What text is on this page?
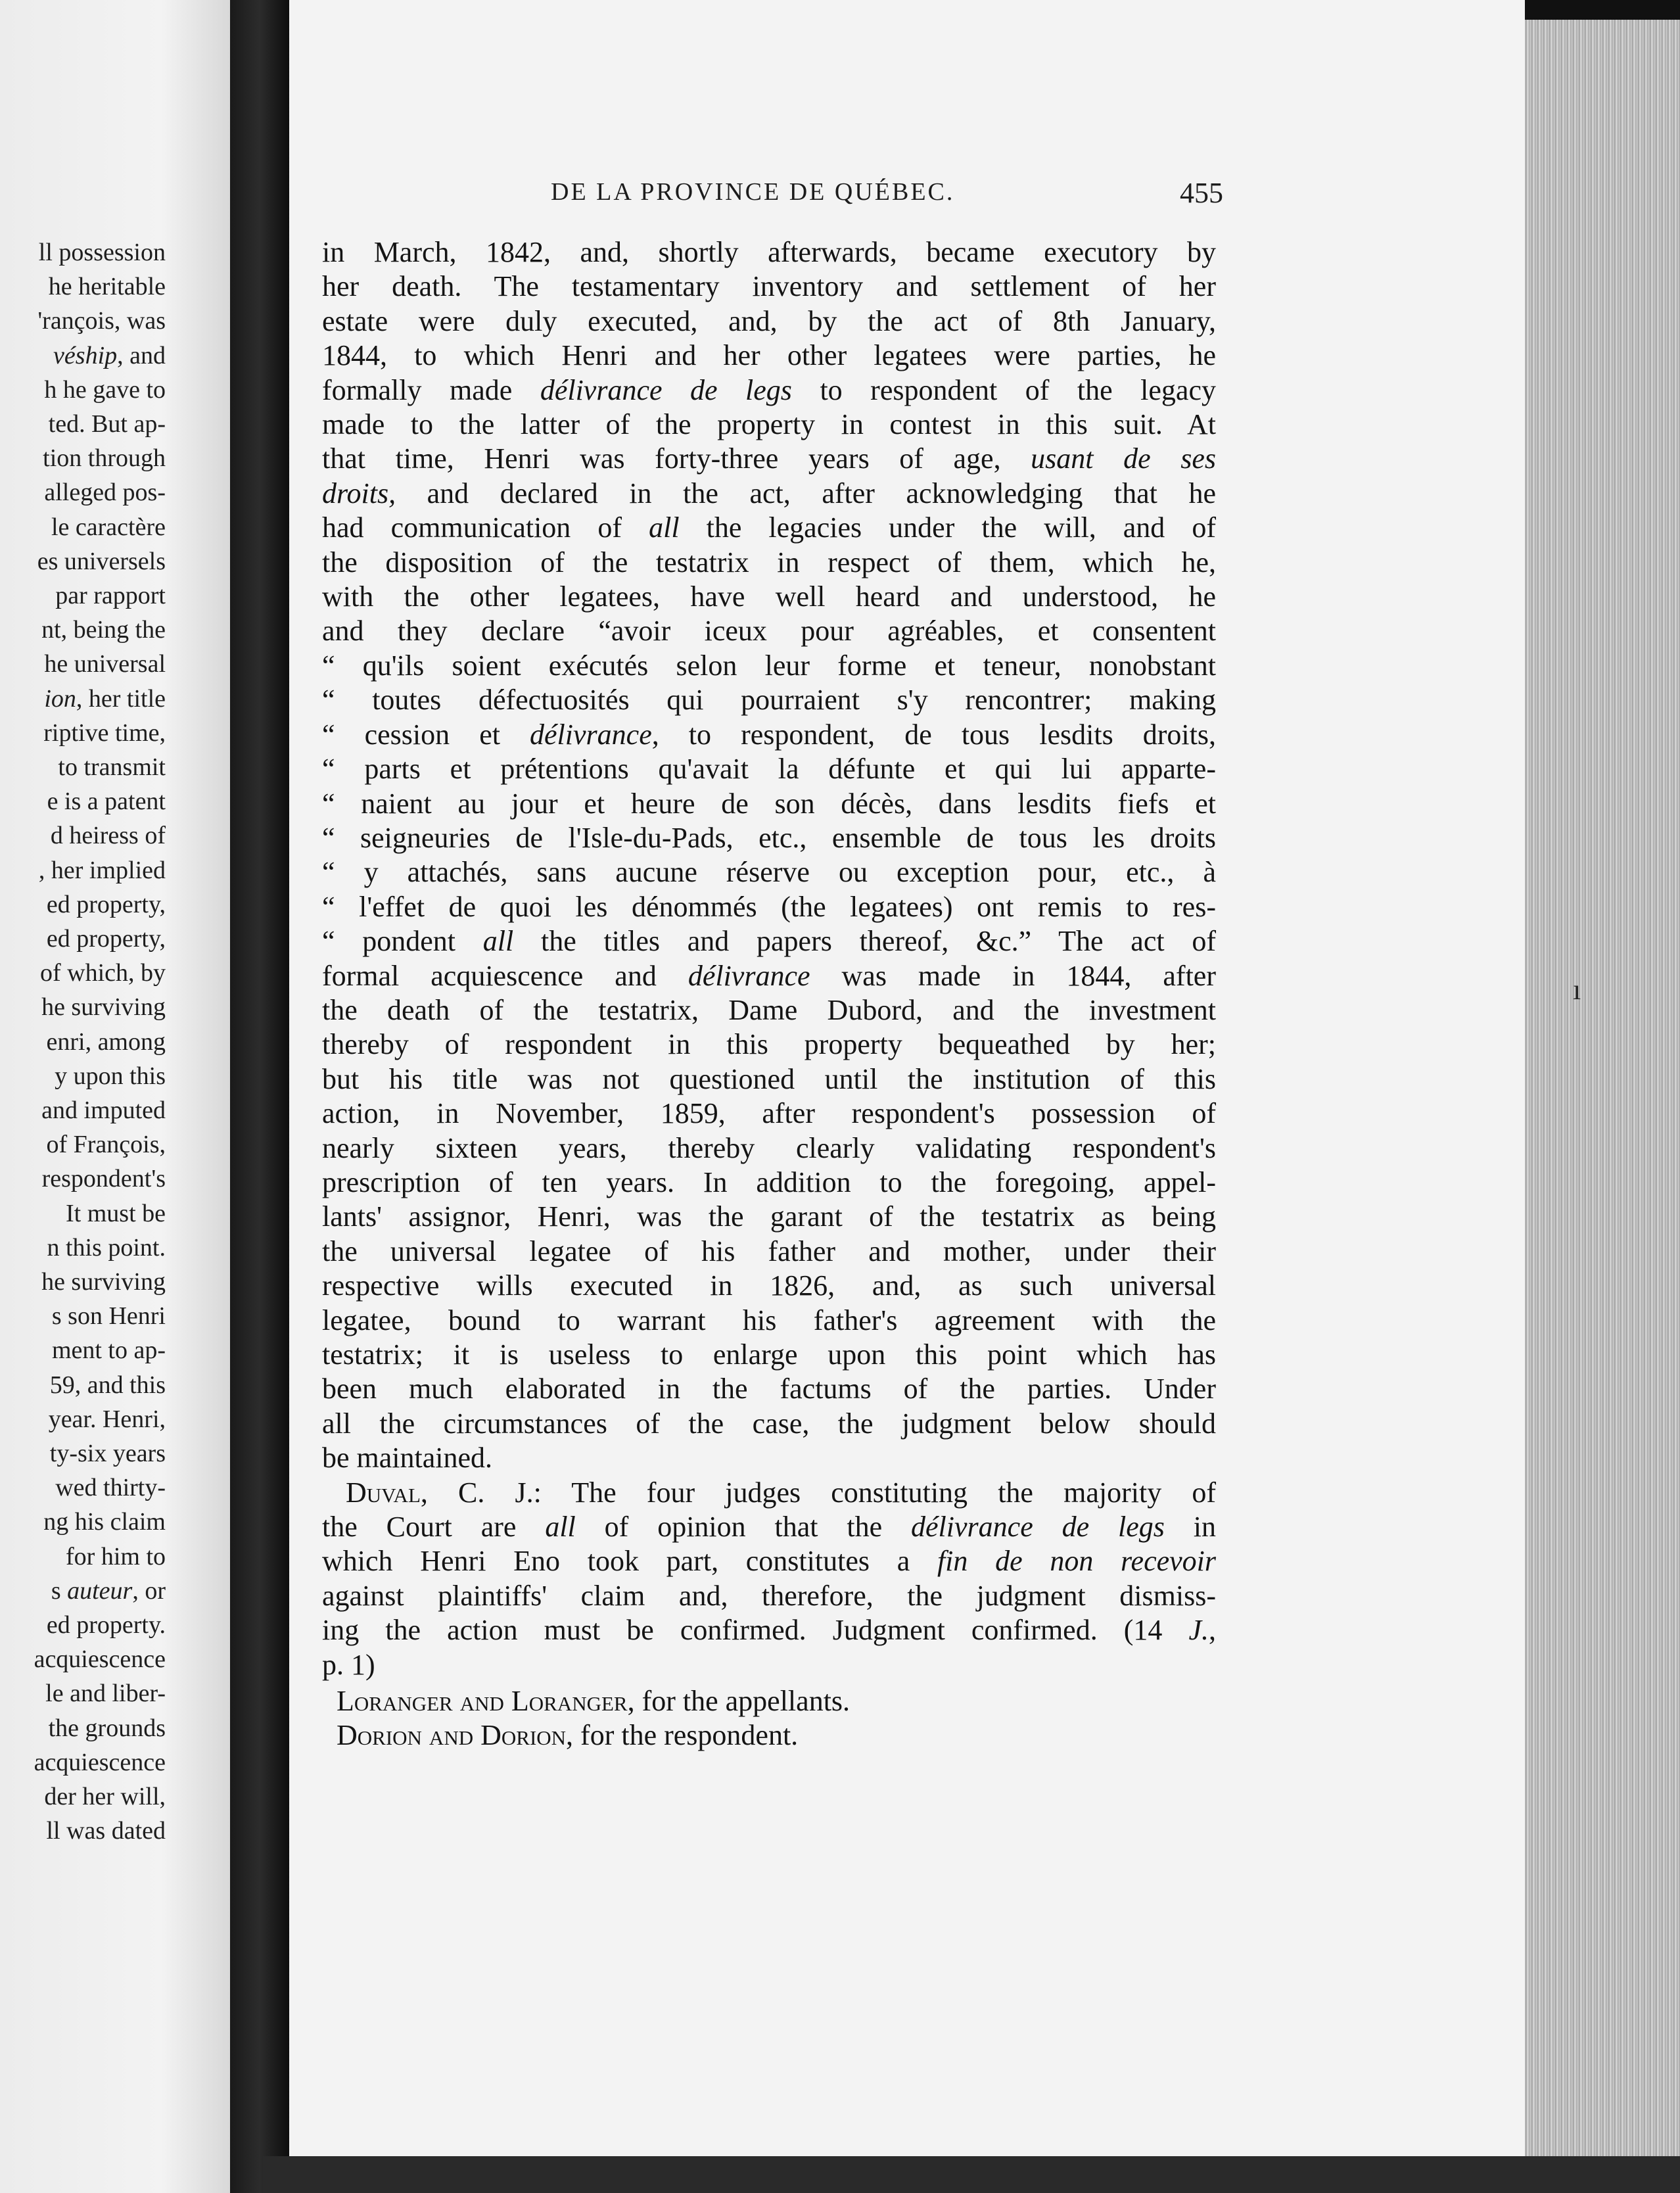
ll possession
he heritable
'rançois, was
véship, and
h he gave to
ted. But ap-
tion through
alleged pos-
le caractère
es universels
par rapport
nt, being the
he universal
ion, her title
riptive time,
to transmit
e is a patent
d heiress of
, her implied
ed property,
ed property,
of which, by
he surviving
enri, among
y upon this
and imputed
of François,
respondent's
It must be
n this point.
he surviving
s son Henri
ment to ap-
59, and this
year. Henri,
ty-six years
wed thirty-
ng his claim
for him to
s auteur, or
ed property.
acquiescence
le and liber-
the grounds
acquiescence
der her will,
ll was dated
DE LA PROVINCE DE QUÉBEC.	455
in March, 1842, and, shortly afterwards, became executory by
her death. The testamentary inventory and settlement of her
estate were duly executed, and, by the act of 8th January,
1844, to which Henri and her other legatees were parties, he
formally made délivrance de legs to respondent of the legacy
made to the latter of the property in contest in this suit. At
that time, Henri was forty-three years of age, usant de ses
droits, and declared in the act, after acknowledging that he
had communication of all the legacies under the will, and of
the disposition of the testatrix in respect of them, which he,
with the other legatees, have well heard and understood, he
and they declare “avoir iceux pour agréables, et consentent
“ qu'ils soient exécutés selon leur forme et teneur, nonobstant
“ toutes défectuosités qui pourraient s'y rencontrer; making
“ cession et délivrance, to respondent, de tous lesdits droits,
“ parts et prétentions qu'avait la défunte et qui lui apparte-
“ naient au jour et heure de son décès, dans lesdits fiefs et
“ seigneuries de l'Isle-du-Pads, etc., ensemble de tous les droits
“ y attachés, sans aucune réserve ou exception pour, etc., à
“ l'effet de quoi les dénommés (the legatees) ont remis to res-
“ pondent all the titles and papers thereof, &c.” The act of
formal acquiescence and délivrance was made in 1844, after
the death of the testatrix, Dame Dubord, and the investment
thereby of respondent in this property bequeathed by her;
but his title was not questioned until the institution of this
action, in November, 1859, after respondent's possession of
nearly sixteen years, thereby clearly validating respondent's
prescription of ten years. In addition to the foregoing, appel-
lants' assignor, Henri, was the garant of the testatrix as being
the universal legatee of his father and mother, under their
respective wills executed in 1826, and, as such universal
legatee, bound to warrant his father's agreement with the
testatrix; it is useless to enlarge upon this point which has
been much elaborated in the factums of the parties. Under
all the circumstances of the case, the judgment below should
be maintained.
Duval, C. J.: The four judges constituting the majority of
the Court are all of opinion that the délivrance de legs in
which Henri Eno took part, constitutes a fin de non recevoir
against plaintiffs' claim and, therefore, the judgment dismiss-
ing the action must be confirmed. Judgment confirmed. (14 J.,
p. 1)
Loranger and Loranger, for the appellants.
Dorion and Dorion, for the respondent.
ı
